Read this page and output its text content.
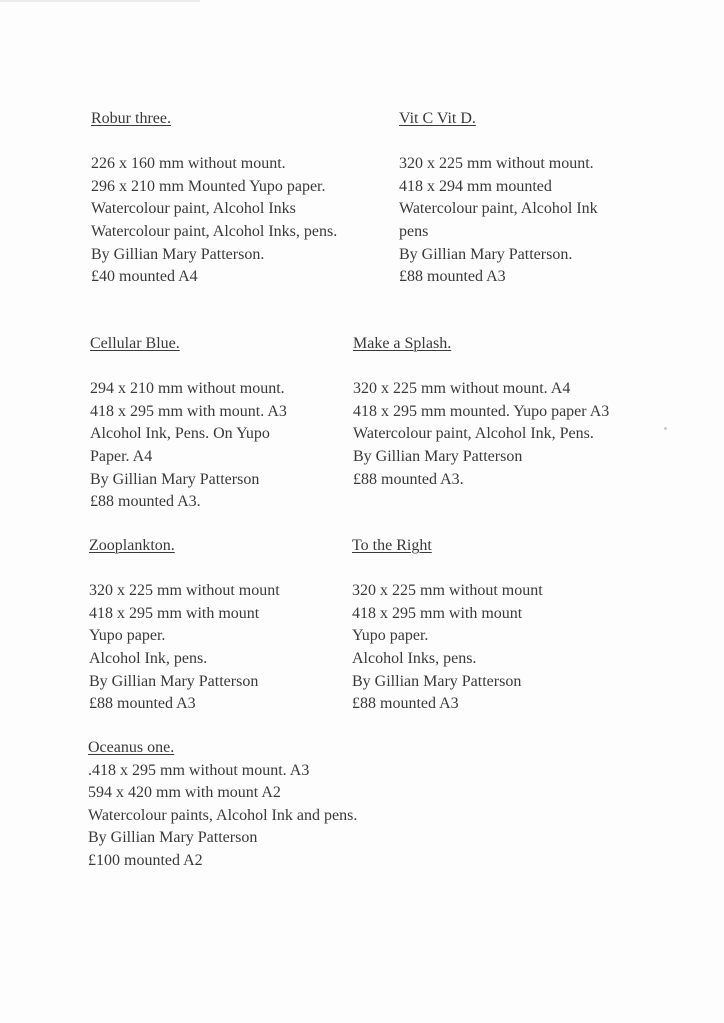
Robur three.
226 x 160 mm without mount.
296 x 210 mm Mounted Yupo paper.
Watercolour paint, Alcohol Inks
Watercolour paint, Alcohol Inks, pens.
By Gillian Mary Patterson.
£40 mounted A4
Vit C Vit D.
320 x 225 mm without mount.
418 x 294 mm mounted
Watercolour paint, Alcohol Ink
pens
By Gillian Mary Patterson.
£88 mounted A3
Cellular Blue.
294 x 210 mm without mount.
418 x 295 mm with mount. A3
Alcohol Ink, Pens. On Yupo
Paper. A4
By Gillian Mary Patterson
£88 mounted A3.
Make a Splash.
320 x 225 mm without mount. A4
418 x 295 mm mounted. Yupo paper A3
Watercolour paint, Alcohol Ink, Pens.
By Gillian Mary Patterson
£88 mounted A3.
Zooplankton.
320 x 225 mm without mount
418 x 295 mm with mount
Yupo paper.
Alcohol Ink, pens.
By Gillian Mary Patterson
£88 mounted A3
To the Right
320 x 225 mm without mount
418 x 295 mm with mount
Yupo paper.
Alcohol Inks, pens.
By Gillian Mary Patterson
£88 mounted A3
Oceanus one.
.418 x 295 mm without mount. A3
594 x 420 mm with mount A2
Watercolour paints, Alcohol Ink and pens.
By Gillian Mary Patterson
£100 mounted A2
